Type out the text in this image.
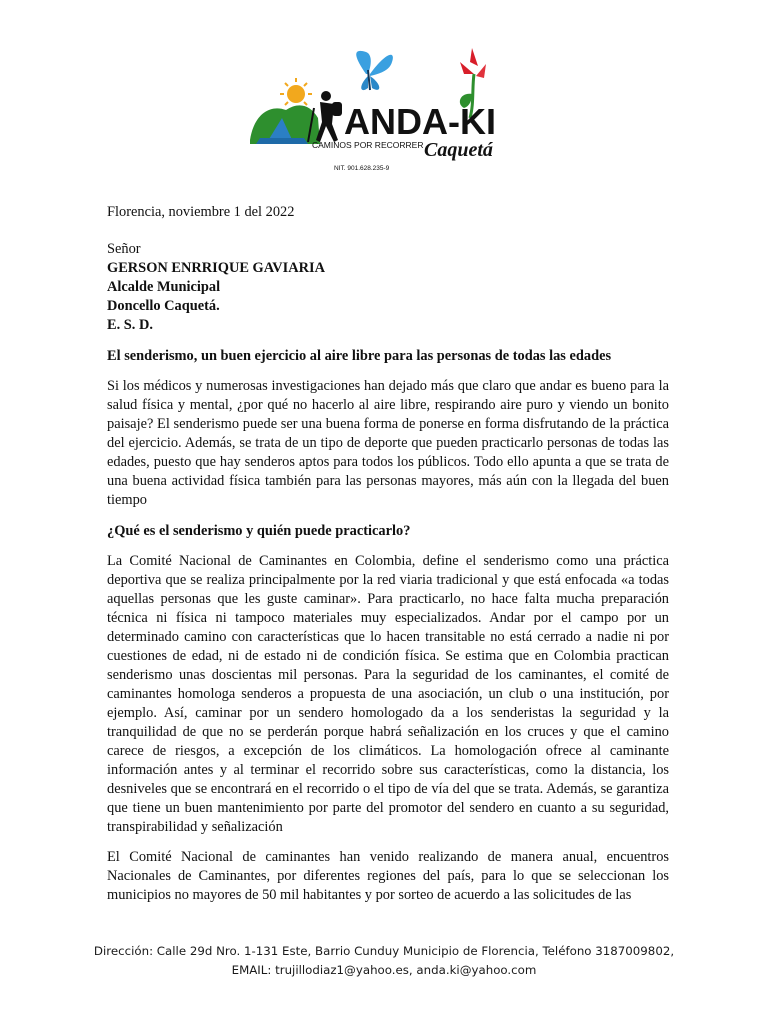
ANDA-KI
Caquetá
CAMINOS POR RECORRER
NIT. 901.628.235-9
Florencia, noviembre 1 del 2022
Señor
GERSON ENRRIQUE GAVIARIA
Alcalde Municipal
Doncello Caquetá.
E. S. D.
El senderismo, un buen ejercicio al aire libre para las personas de todas las edades

Si los médicos y numerosas investigaciones han dejado más que claro que andar es bueno para la salud física y mental, ¿por qué no hacerlo al aire libre, respirando aire puro y viendo un bonito paisaje? El senderismo puede ser una buena forma de ponerse en forma disfrutando de la práctica del ejercicio. Además, se trata de un tipo de deporte que pueden practicarlo personas de todas las edades, puesto que hay senderos aptos para todos los públicos. Todo ello apunta a que se trata de una buena actividad física también para las personas mayores, más aún con la llegada del buen tiempo

¿Qué es el senderismo y quién puede practicarlo?

La Comité Nacional de Caminantes en Colombia, define el senderismo como una práctica deportiva que se realiza principalmente por la red viaria tradicional y que está enfocada «a todas aquellas personas que les guste caminar». Para practicarlo, no hace falta mucha preparación técnica ni física ni tampoco materiales muy especializados. Andar por el campo por un determinado camino con características que lo hacen transitable no está cerrado a nadie ni por cuestiones de edad, ni de estado ni de condición física. Se estima que en Colombia practican senderismo unas doscientas mil personas. Para la seguridad de los caminantes, el comité de caminantes homologa senderos a propuesta de una asociación, un club o una institución, por ejemplo. Así, caminar por un sendero homologado da a los senderistas la seguridad y la tranquilidad de que no se perderán porque habrá señalización en los cruces y que el camino carece de riesgos, a excepción de los climáticos. La homologación ofrece al caminante información antes y al terminar el recorrido sobre sus características, como la distancia, los desniveles que se encontrará en el recorrido o el tipo de vía del que se trata. Además, se garantiza que tiene un buen mantenimiento por parte del promotor del sendero en cuanto a su seguridad, transpirabilidad y señalización

El Comité Nacional de caminantes han venido realizando de manera anual, encuentros Nacionales de Caminantes, por diferentes regiones del país, para lo que se seleccionan los municipios no mayores de 50 mil habitantes y por sorteo de acuerdo a las solicitudes de las

Dirección: Calle 29d Nro. 1-131 Este, Barrio Cunduy Municipio de Florencia, Teléfono 3187009802,
EMAIL: trujillodiaz1@yahoo.es, anda.ki@yahoo.com
